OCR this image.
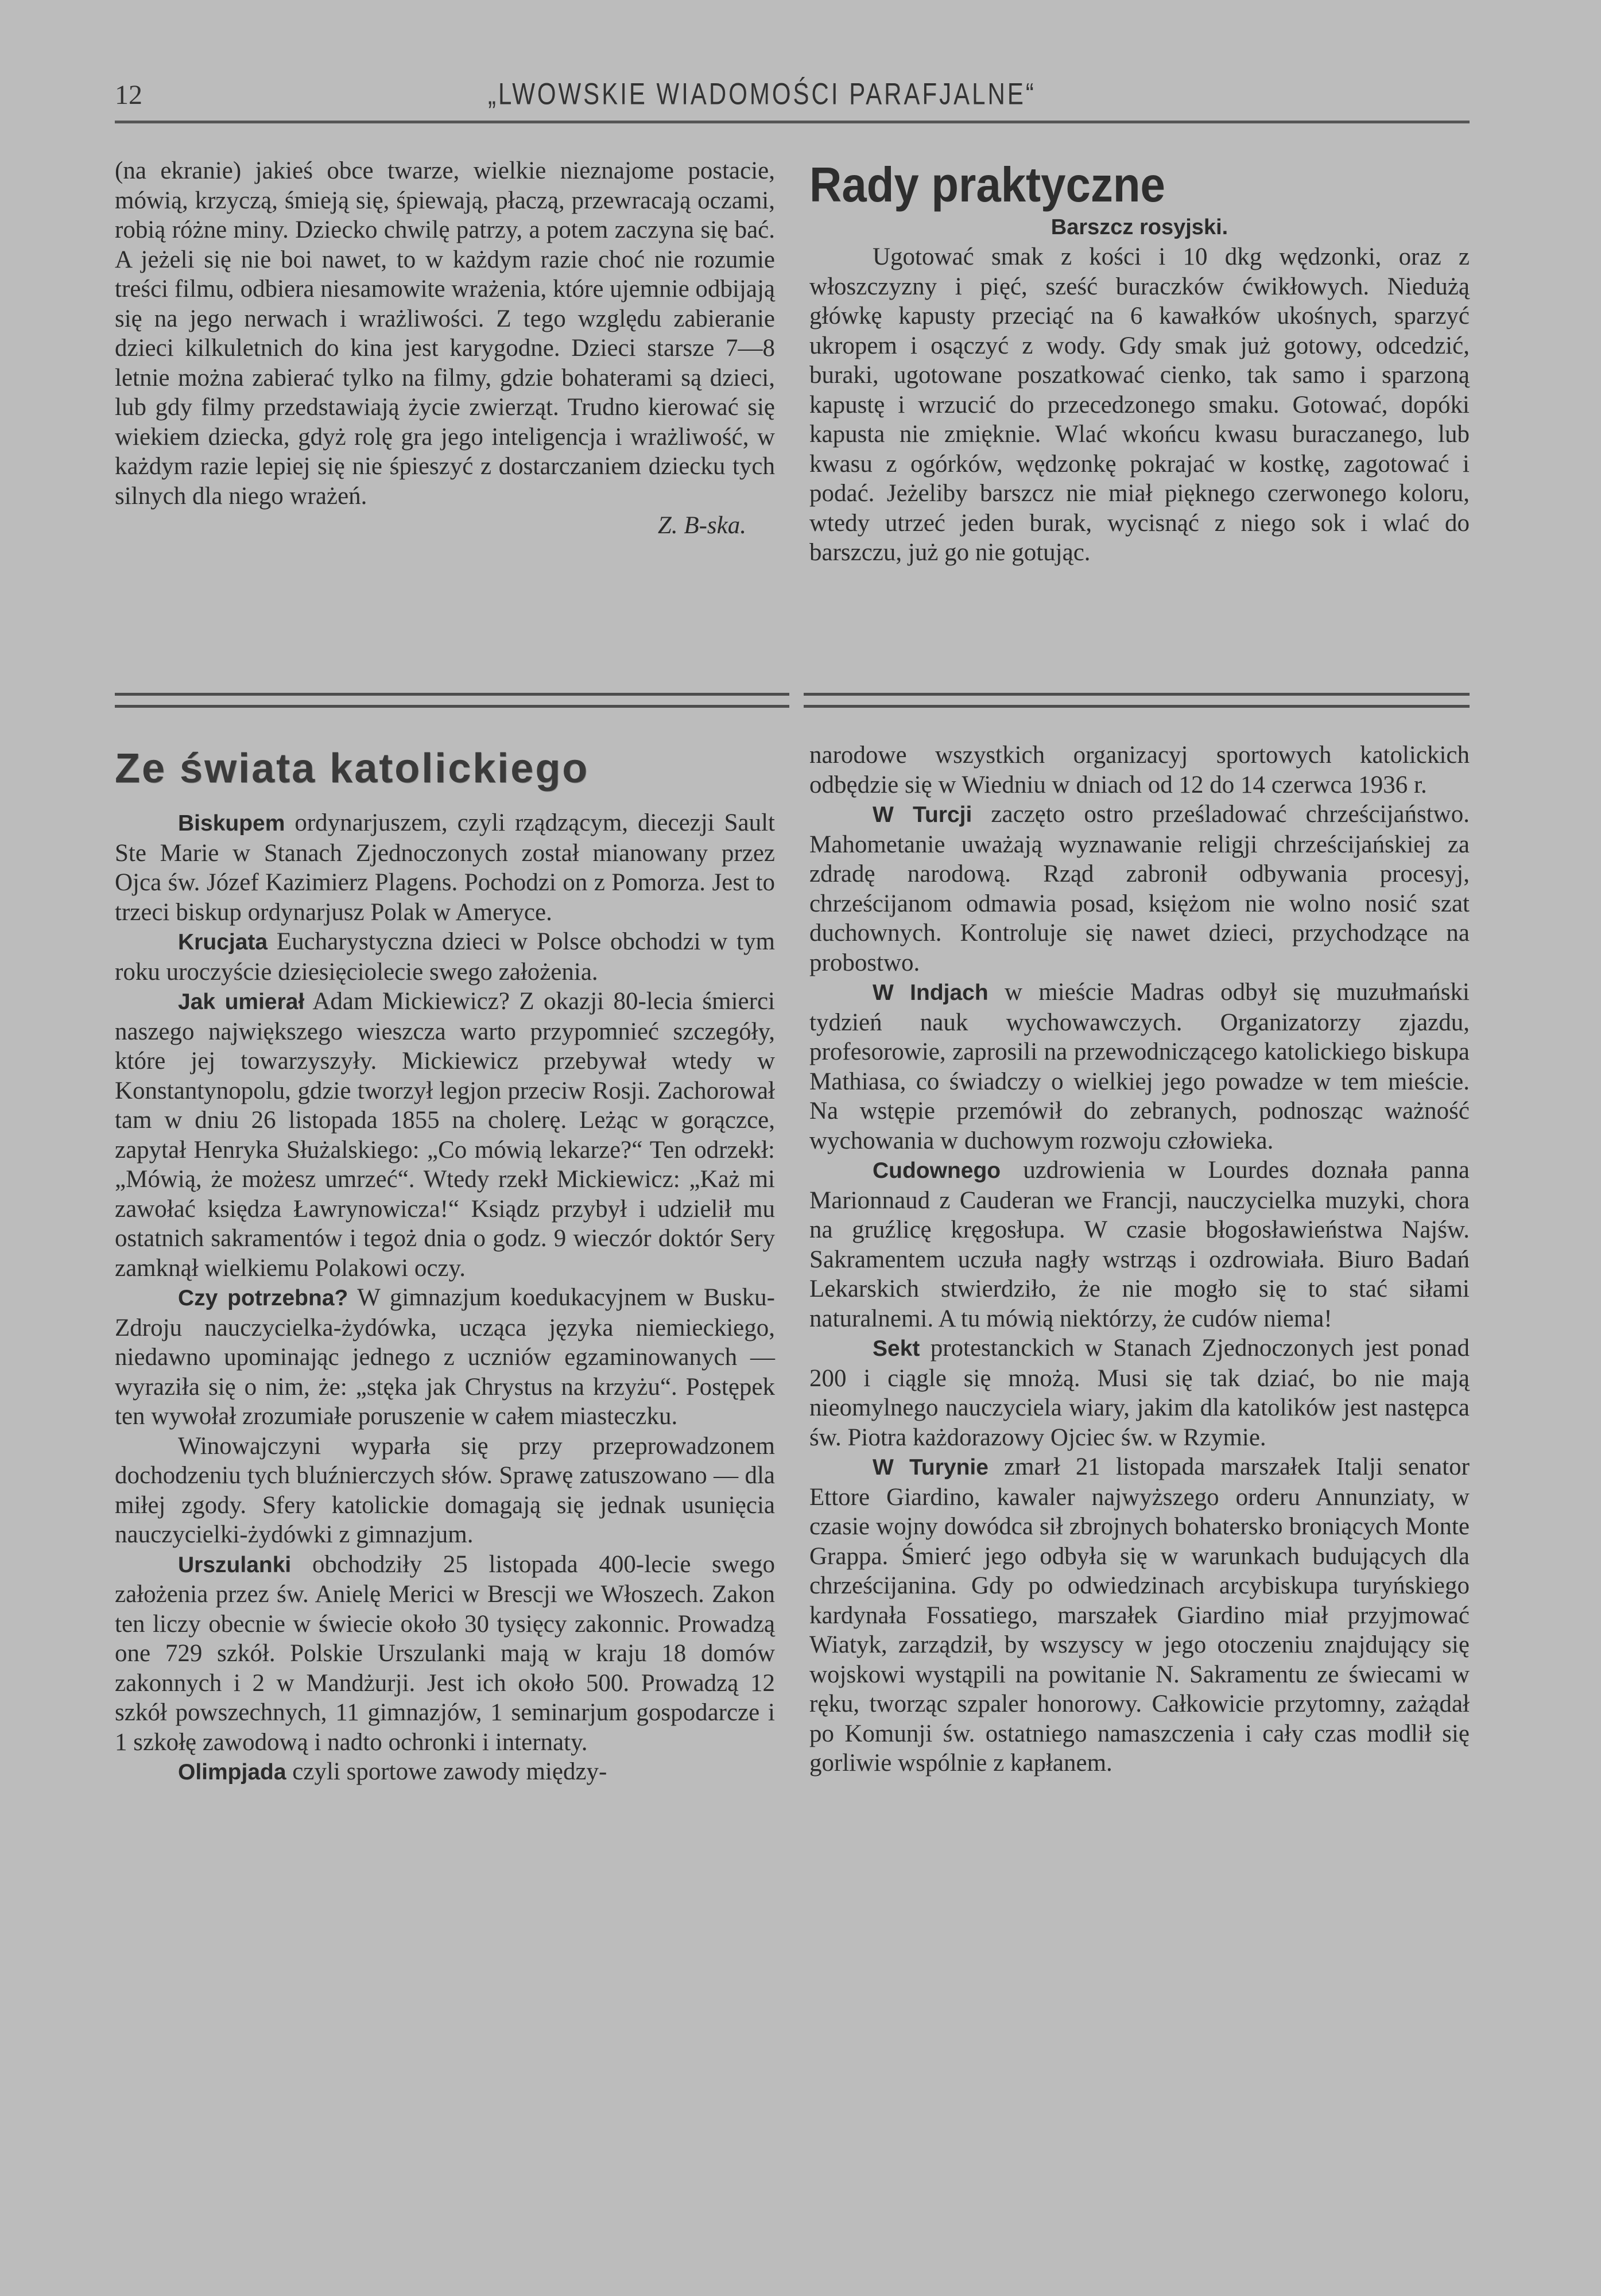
12	„LWOWSKIE WIADOMOŚCI PARAFJALNE“

(na ekranie) jakieś obce twarze, wielkie nieznajome postacie, mówią, krzyczą, śmieją się, śpiewają, płaczą, przewracają oczami, robią różne miny. Dziecko chwilę patrzy, a potem zaczyna się bać. A jeżeli się nie boi nawet, to w każdym razie choć nie rozumie treści filmu, odbiera niesamowite wrażenia, które ujemnie odbijają się na jego nerwach i wrażliwości. Z tego względu zabieranie dzieci kilkuletnich do kina jest karygodne. Dzieci starsze 7—8 letnie można zabierać tylko na filmy, gdzie bohaterami są dzieci, lub gdy filmy przedstawiają życie zwierząt. Trudno kierować się wiekiem dziecka, gdyż rolę gra jego inteligencja i wrażliwość, w każdym razie lepiej się nie śpieszyć z dostarczaniem dziecku tych silnych dla niego wrażeń.

Z. B-ska.

Rady praktyczne
Barszcz rosyjski.

Ugotować smak z kości i 10 dkg wędzonki, oraz z włoszczyzny i pięć, sześć buraczków ćwikłowych. Niedużą główkę kapusty przeciąć na 6 kawałków ukośnych, sparzyć ukropem i osączyć z wody. Gdy smak już gotowy, odcedzić, buraki, ugotowane poszatkować cienko, tak samo i sparzoną kapustę i wrzucić do przecedzonego smaku. Gotować, dopóki kapusta nie zmięknie. Wlać wkońcu kwasu buraczanego, lub kwasu z ogórków, wędzonkę pokrajać w kostkę, zagotować i podać. Jeżeliby barszcz nie miał pięknego czerwonego koloru, wtedy utrzeć jeden burak, wycisnąć z niego sok i wlać do barszczu, już go nie gotując.

Ze świata katolickiego

Biskupem ordynarjuszem, czyli rządzącym, diecezji Sault Ste Marie w Stanach Zjednoczonych został mianowany przez Ojca św. Józef Kazimierz Plagens. Pochodzi on z Pomorza. Jest to trzeci biskup ordynarjusz Polak w Ameryce.

Krucjata Eucharystyczna dzieci w Polsce obchodzi w tym roku uroczyście dziesięciolecie swego założenia.

Jak umierał Adam Mickiewicz? Z okazji 80-lecia śmierci naszego największego wieszcza warto przypomnieć szczegóły, które jej towarzyszyły. Mickiewicz przebywał wtedy w Konstantynopolu, gdzie tworzył legjon przeciw Rosji. Zachorował tam w dniu 26 listopada 1855 na cholerę. Leżąc w gorączce, zapytał Henryka Służalskiego: „Co mówią lekarze?“ Ten odrzekł: „Mówią, że możesz umrzeć“. Wtedy rzekł Mickiewicz: „Każ mi zawołać księdza Ławrynowicza!“ Ksiądz przybył i udzielił mu ostatnich sakramentów i tegoż dnia o godz. 9 wieczór doktór Sery zamknął wielkiemu Polakowi oczy.

Czy potrzebna? W gimnazjum koedukacyjnem w Busku-Zdroju nauczycielka-żydówka, ucząca języka niemieckiego, niedawno upominając jednego z uczniów egzaminowanych — wyraziła się o nim, że: „stęka jak Chrystus na krzyżu“. Postępek ten wywołał zrozumiałe poruszenie w całem miasteczku.

Winowajczyni wyparła się przy przeprowadzonem dochodzeniu tych bluźnierczych słów. Sprawę zatuszowano — dla miłej zgody. Sfery katolickie domagają się jednak usunięcia nauczycielki-żydówki z gimnazjum.

Urszulanki obchodziły 25 listopada 400-lecie swego założenia przez św. Anielę Merici w Brescji we Włoszech. Zakon ten liczy obecnie w świecie około 30 tysięcy zakonnic. Prowadzą one 729 szkół. Polskie Urszulanki mają w kraju 18 domów zakonnych i 2 w Mandżurji. Jest ich około 500. Prowadzą 12 szkół powszechnych, 11 gimnazjów, 1 seminarjum gospodarcze i 1 szkołę zawodową i nadto ochronki i internaty.

Olimpjada czyli sportowe zawody między-

narodowe wszystkich organizacyj sportowych katolickich odbędzie się w Wiedniu w dniach od 12 do 14 czerwca 1936 r.

W Turcji zaczęto ostro prześladować chrześcijaństwo. Mahometanie uważają wyznawanie religji chrześcijańskiej za zdradę narodową. Rząd zabronił odbywania procesyj, chrześcijanom odmawia posad, księżom nie wolno nosić szat duchownych. Kontroluje się nawet dzieci, przychodzące na probostwo.

W Indjach w mieście Madras odbył się muzułmański tydzień nauk wychowawczych. Organizatorzy zjazdu, profesorowie, zaprosili na przewodniczącego katolickiego biskupa Mathiasa, co świadczy o wielkiej jego powadze w tem mieście. Na wstępie przemówił do zebranych, podnosząc ważność wychowania w duchowym rozwoju człowieka.

Cudownego uzdrowienia w Lourdes doznała panna Marionnaud z Cauderan we Francji, nauczycielka muzyki, chora na gruźlicę kręgosłupa. W czasie błogosławieństwa Najśw. Sakramentem uczuła nagły wstrząs i ozdrowiała. Biuro Badań Lekarskich stwierdziło, że nie mogło się to stać siłami naturalnemi. A tu mówią niektórzy, że cudów niema!

Sekt protestanckich w Stanach Zjednoczonych jest ponad 200 i ciągle się mnożą. Musi się tak dziać, bo nie mają nieomylnego nauczyciela wiary, jakim dla katolików jest następca św. Piotra każdorazowy Ojciec św. w Rzymie.

W Turynie zmarł 21 listopada marszałek Italji senator Ettore Giardino, kawaler najwyższego orderu Annunziaty, w czasie wojny dowódca sił zbrojnych bohatersko broniących Monte Grappa. Śmierć jego odbyła się w warunkach budujących dla chrześcijanina. Gdy po odwiedzinach arcybiskupa turyńskiego kardynała Fossatiego, marszałek Giardino miał przyjmować Wiatyk, zarządził, by wszyscy w jego otoczeniu znajdujący się wojskowi wystąpili na powitanie N. Sakramentu ze świecami w ręku, tworząc szpaler honorowy. Całkowicie przytomny, zażądał po Komunji św. ostatniego namaszczenia i cały czas modlił się gorliwie wspólnie z kapłanem.
